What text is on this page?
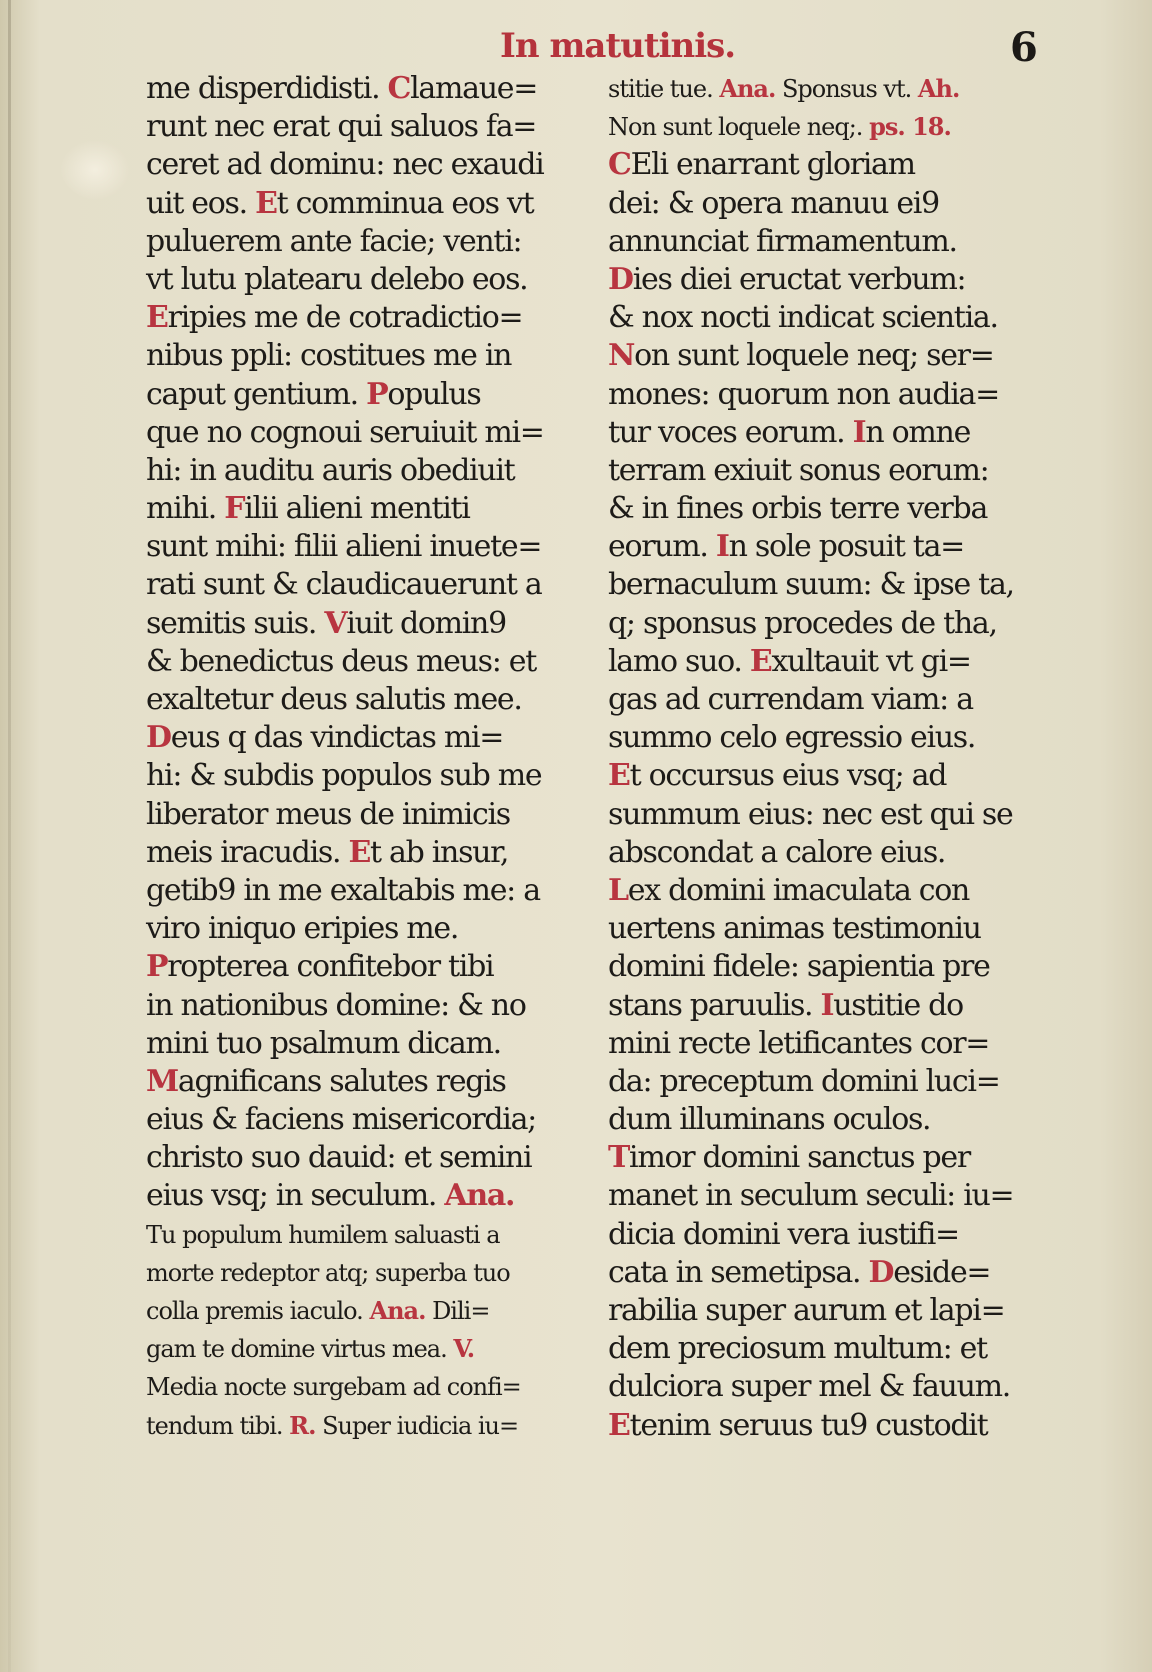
In matutinis.	6
me disperdidisti. Clamaue=
runt nec erat qui saluos fa=
ceret ad dominu: nec exaudi
uit eos. Et comminua eos vt
puluerem ante facie; venti:
vt lutu platearu delebo eos.
Eripies me de cotradictio=
nibus ppli: costitues me in
caput gentium. Populus
que no cognoui seruiuit mi=
hi: in auditu auris obediuit
mihi. Filii alieni mentiti
sunt mihi: filii alieni inuete=
rati sunt & claudicauerunt a
semitis suis. Viuit domin9
& benedictus deus meus: et
exaltetur deus salutis mee.
Deus q das vindictas mi=
hi: & subdis populos sub me
liberator meus de inimicis
meis iracudis. Et ab insur,
getib9 in me exaltabis me: a
viro iniquo eripies me.
Propterea confitebor tibi
in nationibus domine: & no
mini tuo psalmum dicam.
Magnificans salutes regis
eius & faciens misericordia;
christo suo dauid: et semini
eius vsq; in seculum. Ana.
Tu populum humilem saluasti a
morte redeptor atq; superba tuo
colla premis iaculo. Ana. Dili=
gam te domine virtus mea. V.
Media nocte surgebam ad confi=
tendum tibi. R. Super iudicia iu=
stitie tue. Ana. Sponsus vt. Ah.
Non sunt loquele neq;. ps. 18.
CEli enarrant gloriam
dei: & opera manuu ei9
annunciat firmamentum.
Dies diei eructat verbum:
& nox nocti indicat scientia.
Non sunt loquele neq; ser=
mones: quorum non audia=
tur voces eorum. In omne
terram exiuit sonus eorum:
& in fines orbis terre verba
eorum. In sole posuit ta=
bernaculum suum: & ipse ta,
q; sponsus procedes de tha,
lamo suo. Exultauit vt gi=
gas ad currendam viam: a
summo celo egressio eius.
Et occursus eius vsq; ad
summum eius: nec est qui se
abscondat a calore eius.
Lex domini imaculata con
uertens animas testimoniu
domini fidele: sapientia pre
stans paruulis. Iustitie do
mini recte letificantes cor=
da: preceptum domini luci=
dum illuminans oculos.
Timor domini sanctus per
manet in seculum seculi: iu=
dicia domini vera iustifi=
cata in semetipsa. Deside=
rabilia super aurum et lapi=
dem preciosum multum: et
dulciora super mel & fauum.
Etenim seruus tu9 custodit
